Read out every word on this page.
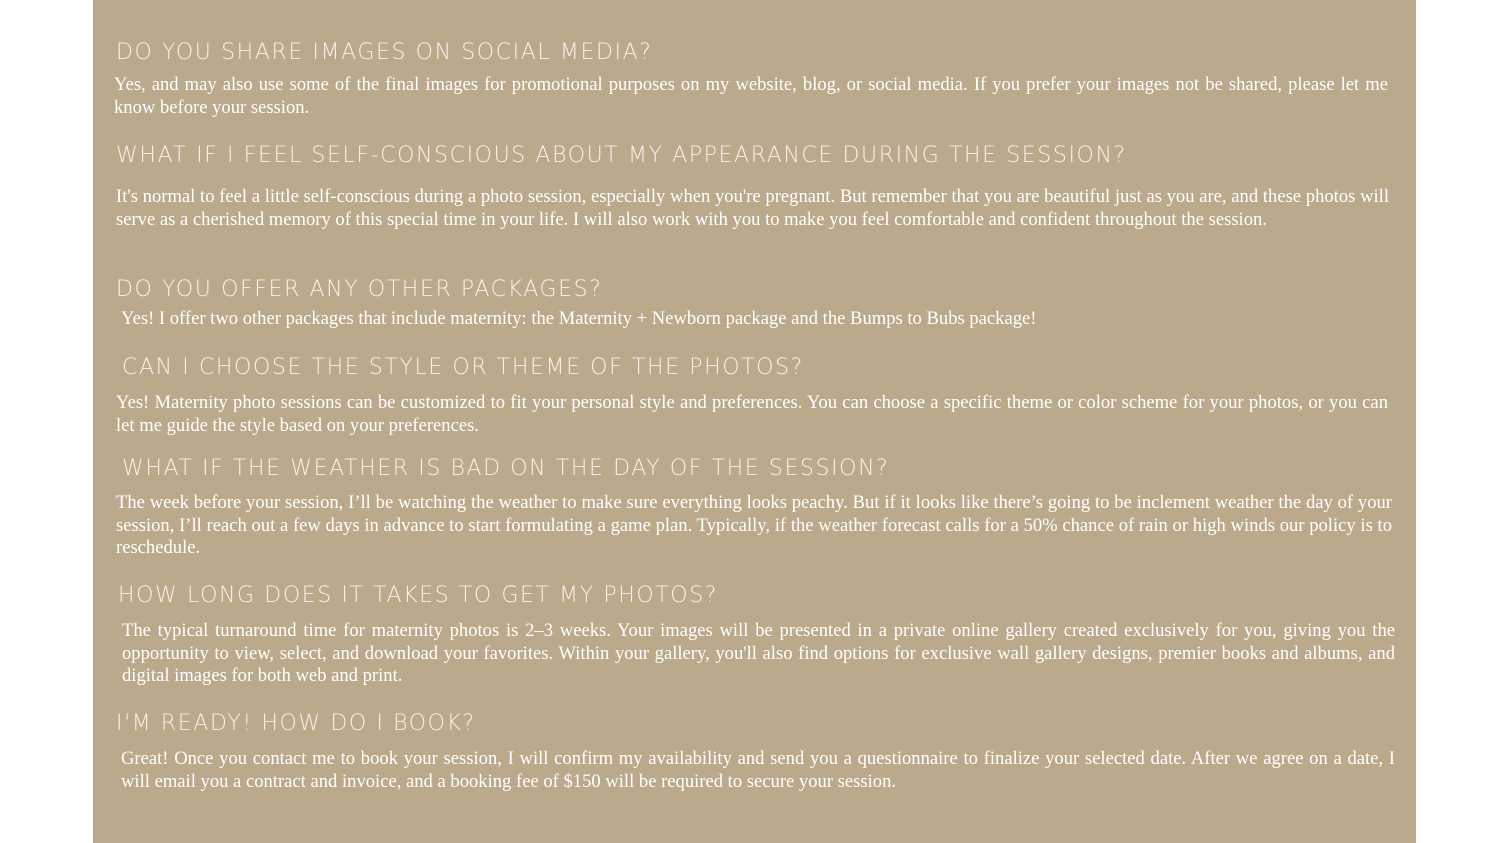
DO YOU SHARE IMAGES ON SOCIAL MEDIA?

Yes, and may also use some of the final images for promotional purposes on my website, blog, or social media. If you prefer your images not be shared, please let me know before your session.

WHAT IF I FEEL SELF-CONSCIOUS ABOUT MY APPEARANCE DURING THE SESSION?

It's normal to feel a little self-conscious during a photo session, especially when you're pregnant. But remember that you are beautiful just as you are, and these photos will serve as a cherished memory of this special time in your life. I will also work with you to make you feel comfortable and confident throughout the session.

DO YOU OFFER ANY OTHER PACKAGES?

Yes! I offer two other packages that include maternity: the Maternity + Newborn package and the Bumps to Bubs package!

CAN I CHOOSE THE STYLE OR THEME OF THE PHOTOS?

Yes! Maternity photo sessions can be customized to fit your personal style and preferences. You can choose a specific theme or color scheme for your photos, or you can let me guide the style based on your preferences.

WHAT IF THE WEATHER IS BAD ON THE DAY OF THE SESSION?

The week before your session, I’ll be watching the weather to make sure everything looks peachy. But if it looks like there’s going to be inclement weather the day of your session, I’ll reach out a few days in advance to start formulating a game plan. Typically, if the weather forecast calls for a 50% chance of rain or high winds our policy is to reschedule.

HOW LONG DOES IT TAKES TO GET MY PHOTOS?

The typical turnaround time for maternity photos is 2–3 weeks. Your images will be presented in a private online gallery created exclusively for you, giving you the opportunity to view, select, and download your favorites. Within your gallery, you'll also find options for exclusive wall gallery designs, premier books and albums, and digital images for both web and print.

I'M READY! HOW DO I BOOK?

Great! Once you contact me to book your session, I will confirm my availability and send you a questionnaire to finalize your selected date. After we agree on a date, I will email you a contract and invoice, and a booking fee of $150 will be required to secure your session.
